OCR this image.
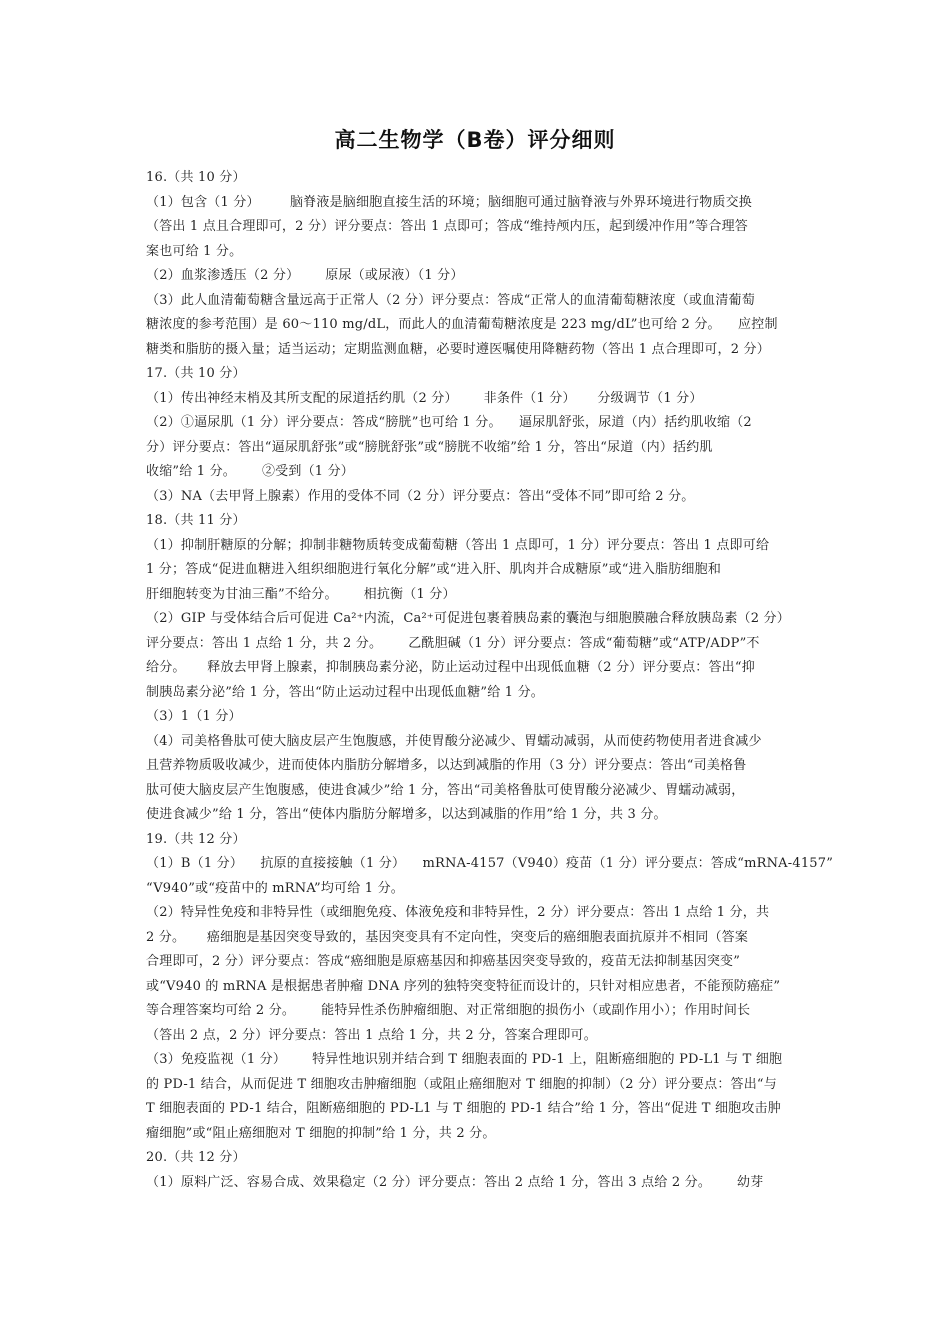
高二生物学（B卷）评分细则
16.（共 10 分）
（1）包含（1 分）       脑脊液是脑细胞直接生活的环境；脑细胞可通过脑脊液与外界环境进行物质交换
（答出 1 点且合理即可，2 分）评分要点：答出 1 点即可；答成“维持颅内压，起到缓冲作用”等合理答
案也可给 1 分。
（2）血浆渗透压（2 分）      原尿（或尿液）（1 分）
（3）此人血清葡萄糖含量远高于正常人（2 分）评分要点：答成“正常人的血清葡萄糖浓度（或血清葡萄
糖浓度的参考范围）是 60～110 mg/dL，而此人的血清葡萄糖浓度是 223 mg/dL”也可给 2 分。    应控制
糖类和脂肪的摄入量；适当运动；定期监测血糖，必要时遵医嘱使用降糖药物（答出 1 点合理即可，2 分）
17.（共 10 分）
（1）传出神经末梢及其所支配的尿道括约肌（2 分）      非条件（1 分）     分级调节（1 分）
（2）①逼尿肌（1 分）评分要点：答成“膀胱”也可给 1 分。    逼尿肌舒张，尿道（内）括约肌收缩（2
分）评分要点：答出“逼尿肌舒张”或“膀胱舒张”或“膀胱不收缩”给 1 分，答出“尿道（内）括约肌
收缩”给 1 分。      ②受到（1 分）
（3）NA（去甲肾上腺素）作用的受体不同（2 分）评分要点：答出“受体不同”即可给 2 分。
18.（共 11 分）
（1）抑制肝糖原的分解；抑制非糖物质转变成葡萄糖（答出 1 点即可，1 分）评分要点：答出 1 点即可给
1 分；答成“促进血糖进入组织细胞进行氧化分解”或“进入肝、肌肉并合成糖原”或“进入脂肪细胞和
肝细胞转变为甘油三酯”不给分。      相抗衡（1 分）
（2）GIP 与受体结合后可促进 Ca²⁺内流，Ca²⁺可促进包裹着胰岛素的囊泡与细胞膜融合释放胰岛素（2 分）
评分要点：答出 1 点给 1 分，共 2 分。      乙酰胆碱（1 分）评分要点：答成“葡萄糖”或“ATP/ADP”不
给分。     释放去甲肾上腺素，抑制胰岛素分泌，防止运动过程中出现低血糖（2 分）评分要点：答出“抑
制胰岛素分泌”给 1 分，答出“防止运动过程中出现低血糖”给 1 分。
（3）1（1 分）
（4）司美格鲁肽可使大脑皮层产生饱腹感，并使胃酸分泌减少、胃蠕动减弱，从而使药物使用者进食减少
且营养物质吸收减少，进而使体内脂肪分解增多，以达到减脂的作用（3 分）评分要点：答出“司美格鲁
肽可使大脑皮层产生饱腹感，使进食减少”给 1 分，答出“司美格鲁肽可使胃酸分泌减少、胃蠕动减弱，
使进食减少”给 1 分，答出“使体内脂肪分解增多，以达到减脂的作用”给 1 分，共 3 分。
19.（共 12 分）
（1）B（1 分）    抗原的直接接触（1 分）    mRNA-4157（V940）疫苗（1 分）评分要点：答成“mRNA-4157”
“V940”或“疫苗中的 mRNA”均可给 1 分。
（2）特异性免疫和非特异性（或细胞免疫、体液免疫和非特异性，2 分）评分要点：答出 1 点给 1 分，共
2 分。     癌细胞是基因突变导致的，基因突变具有不定向性，突变后的癌细胞表面抗原并不相同（答案
合理即可，2 分）评分要点：答成“癌细胞是原癌基因和抑癌基因突变导致的，疫苗无法抑制基因突变”
或“V940 的 mRNA 是根据患者肿瘤 DNA 序列的独特突变特征而设计的，只针对相应患者，不能预防癌症”
等合理答案均可给 2 分。      能特异性杀伤肿瘤细胞、对正常细胞的损伤小（或副作用小）；作用时间长
（答出 2 点，2 分）评分要点：答出 1 点给 1 分，共 2 分，答案合理即可。
（3）免疫监视（1 分）      特异性地识别并结合到 T 细胞表面的 PD-1 上，阻断癌细胞的 PD-L1 与 T 细胞
的 PD-1 结合，从而促进 T 细胞攻击肿瘤细胞（或阻止癌细胞对 T 细胞的抑制）（2 分）评分要点：答出“与
T 细胞表面的 PD-1 结合，阻断癌细胞的 PD-L1 与 T 细胞的 PD-1 结合”给 1 分，答出“促进 T 细胞攻击肿
瘤细胞”或“阻止癌细胞对 T 细胞的抑制”给 1 分，共 2 分。
20.（共 12 分）
（1）原料广泛、容易合成、效果稳定（2 分）评分要点：答出 2 点给 1 分，答出 3 点给 2 分。      幼芽
